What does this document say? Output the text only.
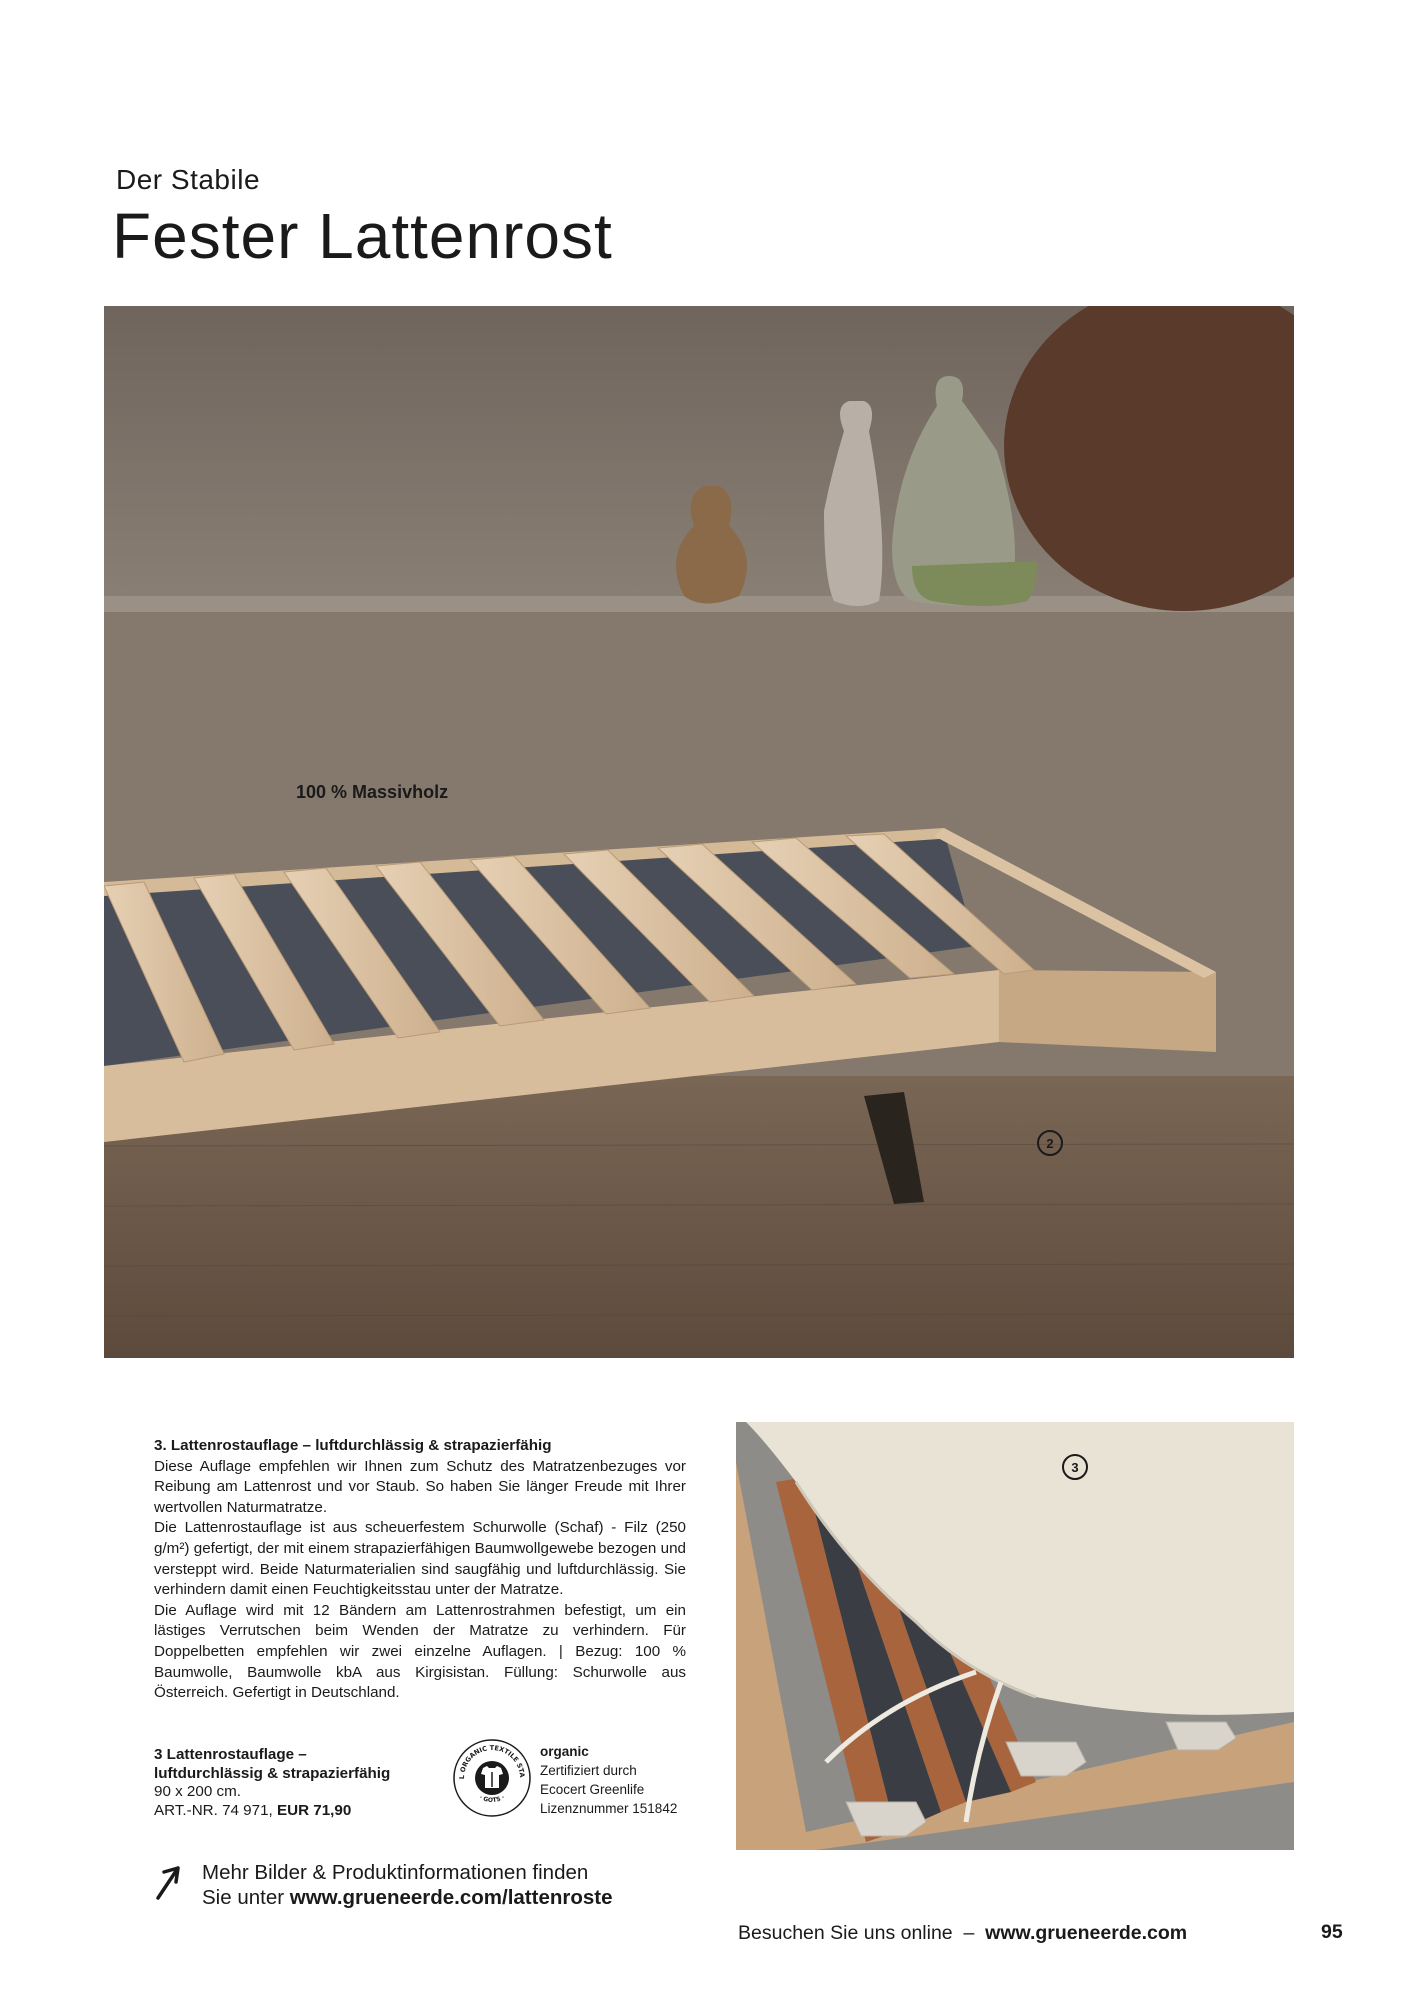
Der Stabile
Fester Lattenrost
100 % Massivholz
2

3. Lattenrostauflage – luftdurchlässig & strapazierfähig

Diese Auflage empfehlen wir Ihnen zum Schutz des Matratzenbezuges vor Reibung am Lattenrost und vor Staub. So haben Sie länger Freude mit Ihrer wertvollen Naturmatratze.

Die Lattenrostauflage ist aus scheuerfestem Schurwolle (Schaf) - Filz (250 g/m²) gefertigt, der mit einem strapazierfähigen Baumwollgewebe bezogen und versteppt wird. Beide Naturmaterialien sind saugfähig und luftdurchlässig. Sie verhindern damit einen Feuchtigkeitsstau unter der Matratze.

Die Auflage wird mit 12 Bändern am Lattenrostrahmen befestigt, um ein lästiges Verrutschen beim Wenden der Matratze zu verhindern. Für Doppelbetten empfehlen wir zwei einzelne Auflagen. | Bezug: 100 % Baumwolle, Baumwolle kbA aus Kirgisistan. Füllung: Schurwolle aus Österreich. Gefertigt in Deutschland.

3 Lattenrostauflage –
luftdurchlässig & strapazierfähig
90 x 200 cm.
ART.-NR. 74 971, EUR 71,90
L ORGANIC TEXTILE STA
· GOTS ·
organic
Zertifiziert durch
Ecocert Greenlife
Lizenznummer 151842
3
Mehr Bilder & Produktinformationen finden
Sie unter www.grueneerde.com/lattenroste
Besuchen Sie uns online  –  www.grueneerde.com	95
